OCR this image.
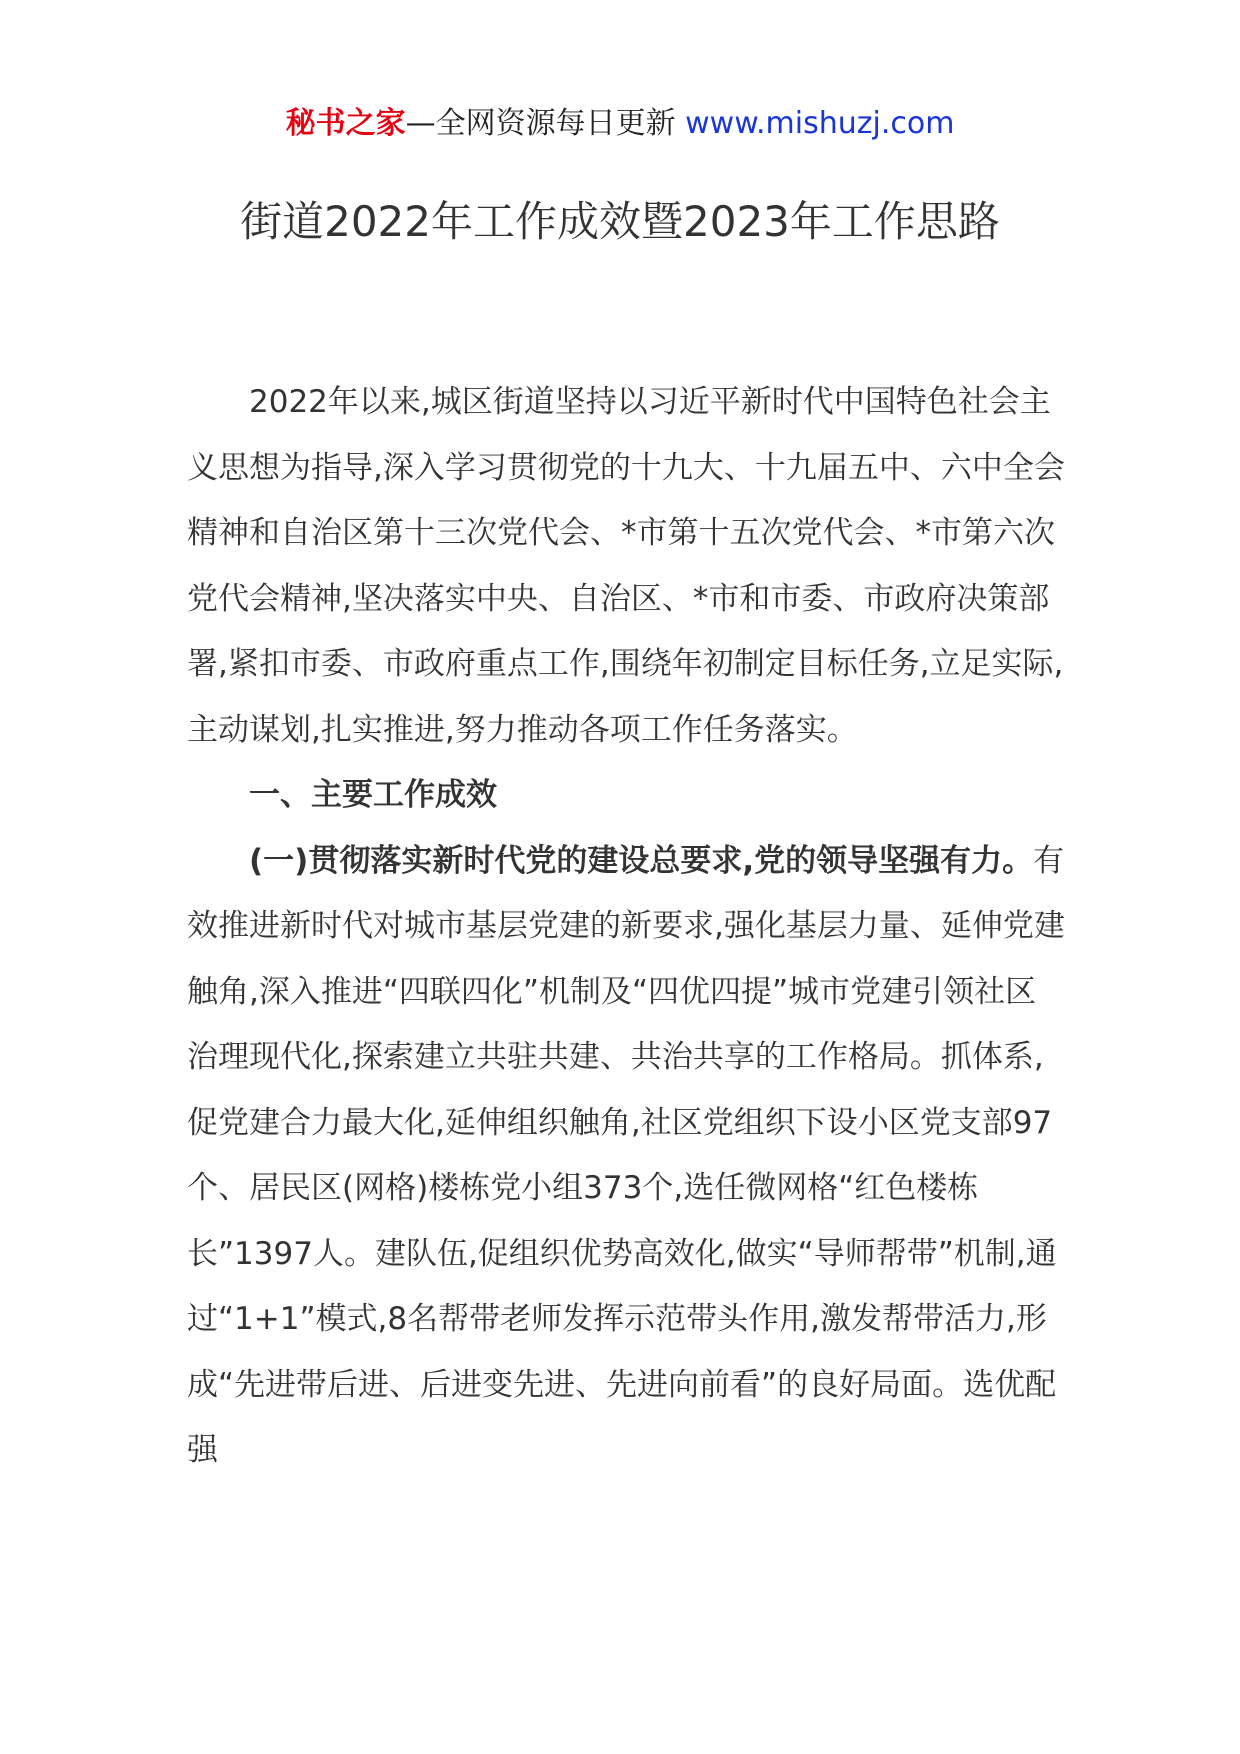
秘书之家—全网资源每日更新 www.mishuzj.com
街道2022年工作成效暨2023年工作思路

2022年以来,城区街道坚持以习近平新时代中国特色社会主义思想为指导,深入学习贯彻党的十九大、十九届五中、六中全会精神和自治区第十三次党代会、*市第十五次党代会、*市第六次党代会精神,坚决落实中央、自治区、*市和市委、市政府决策部署,紧扣市委、市政府重点工作,围绕年初制定目标任务,立足实际,主动谋划,扎实推进,努力推动各项工作任务落实。

一、主要工作成效

(一)贯彻落实新时代党的建设总要求,党的领导坚强有力。有效推进新时代对城市基层党建的新要求,强化基层力量、延伸党建触角,深入推进“四联四化”机制及“四优四提”城市党建引领社区治理现代化,探索建立共驻共建、共治共享的工作格局。抓体系,促党建合力最大化,延伸组织触角,社区党组织下设小区党支部97个、居民区(网格)楼栋党小组373个,选任微网格“红色楼栋长”1397人。建队伍,促组织优势高效化,做实“导师帮带”机制,通过“1+1”模式,8名帮带老师发挥示范带头作用,激发帮带活力,形成“先进带后进、后进变先进、先进向前看”的良好局面。选优配强
